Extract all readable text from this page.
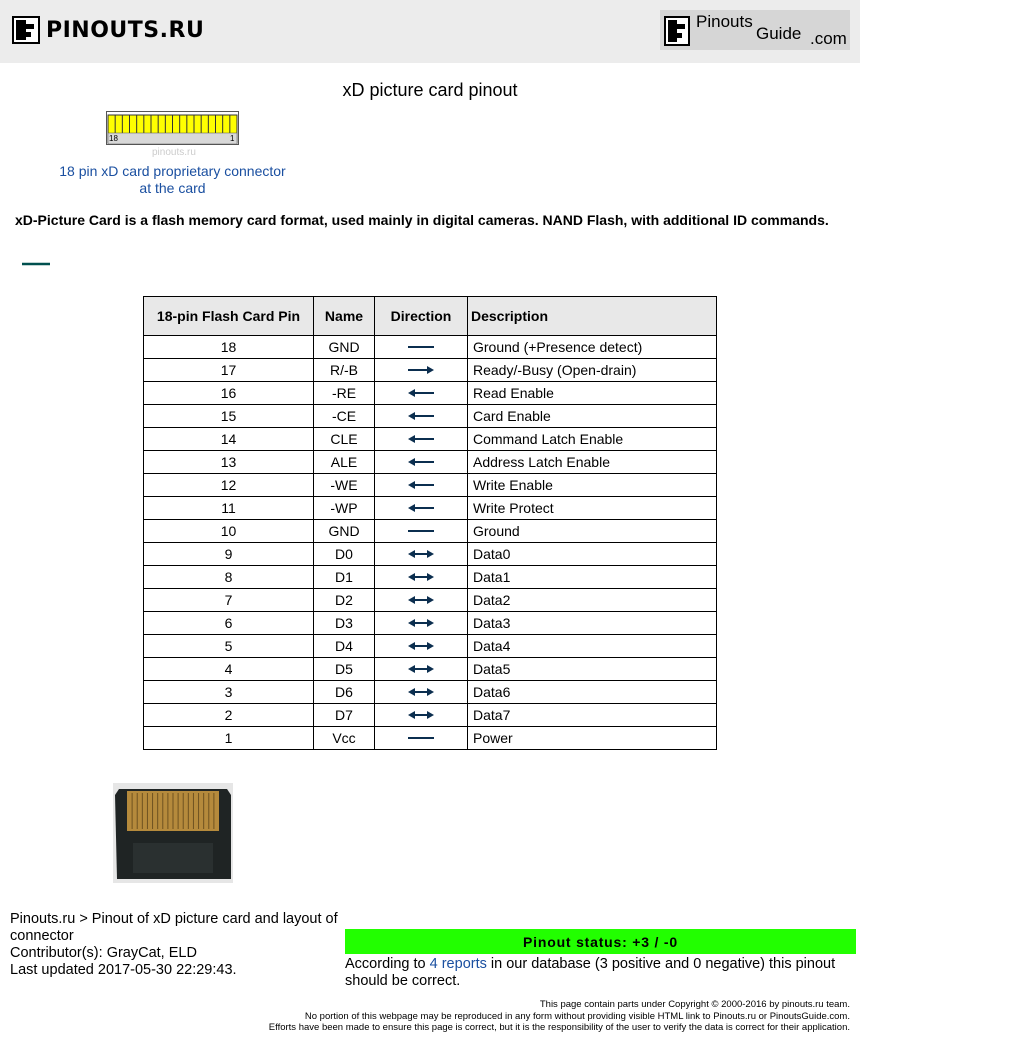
PINOUTS.RU	Pinouts
Guide .com
xD picture card pinout
18	1
pinouts.ru
18 pin xD card proprietary connector
at the card
xD-Picture Card is a flash memory card format, used mainly in digital cameras. NAND Flash, with additional ID commands.
18-pin Flash Card Pin	Name	Direction	Description
18	GND		Ground (+Presence detect)
17	R/-B		Ready/-Busy (Open-drain)
16	-RE		Read Enable
15	-CE		Card Enable
14	CLE		Command Latch Enable
13	ALE		Address Latch Enable
12	-WE		Write Enable
11	-WP		Write Protect
10	GND		Ground
9	D0		Data0
8	D1		Data1
7	D2		Data2
6	D3		Data3
5	D4		Data4
4	D5		Data5
3	D6		Data6
2	D7		Data7
1	Vcc		Power
Pinouts.ru > Pinout of xD picture card and layout of connector
Contributor(s): GrayCat, ELD
Last updated 2017-05-30 22:29:43.
Pinout status: +3 / -0
According to 4 reports in our database (3 positive and 0 negative) this pinout should be correct.
This page contain parts under Copyright © 2000-2016 by pinouts.ru team.
No portion of this webpage may be reproduced in any form without providing visible HTML link to Pinouts.ru or PinoutsGuide.com.
Efforts have been made to ensure this page is correct, but it is the responsibility of the user to verify the data is correct for their application.
